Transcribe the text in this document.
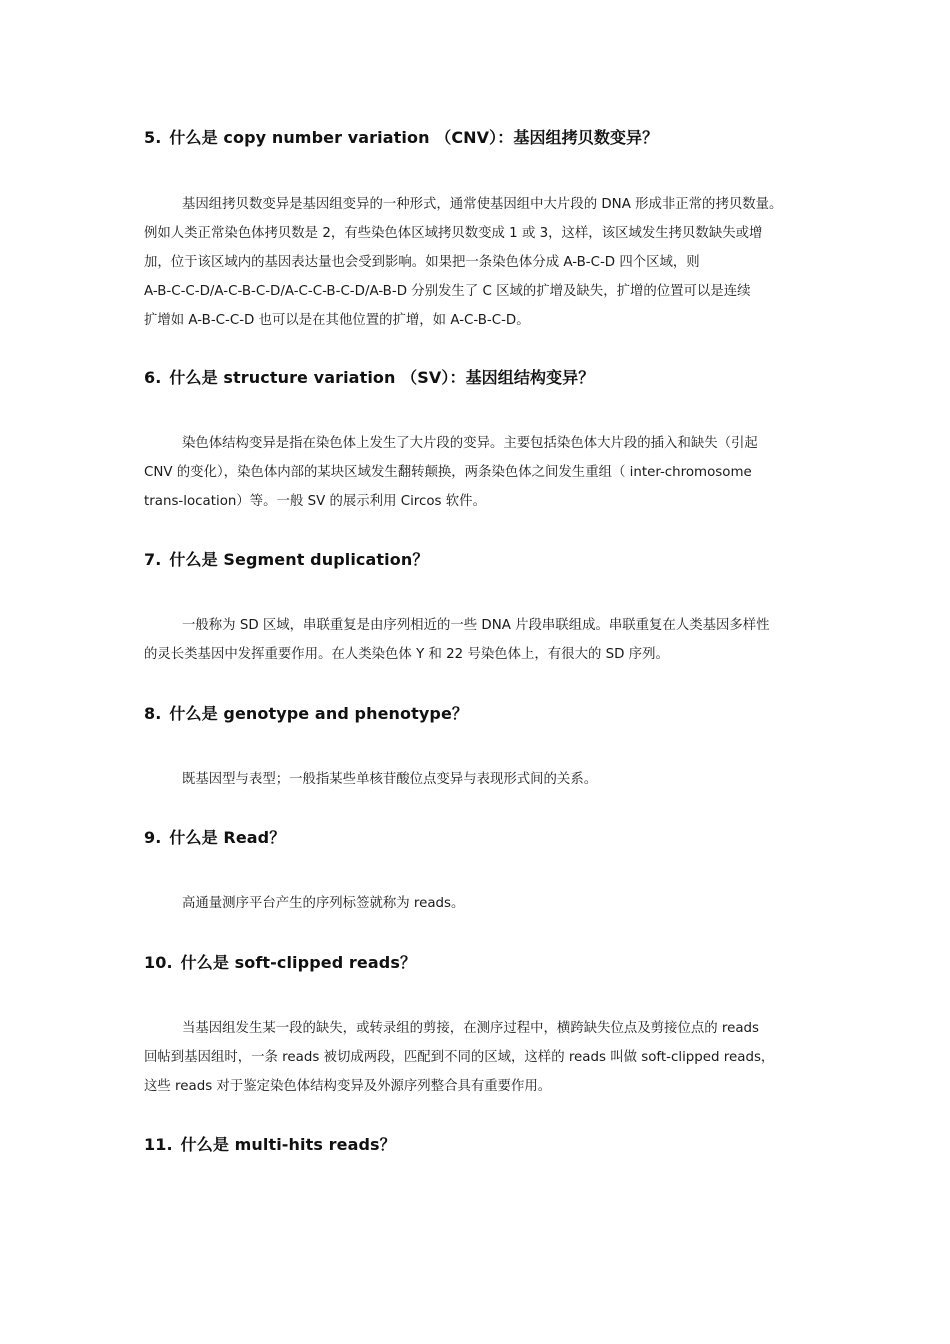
5. 什么是 copy number variation （CNV）：基因组拷贝数变异？
基因组拷贝数变异是基因组变异的一种形式，通常使基因组中大片段的 DNA 形成非正常的拷贝数量。
例如人类正常染色体拷贝数是 2，有些染色体区域拷贝数变成 1 或 3，这样，该区域发生拷贝数缺失或增
加，位于该区域内的基因表达量也会受到影响。如果把一条染色体分成 A-B-C-D 四个区域，则
A-B-C-C-D/A-C-B-C-D/A-C-C-B-C-D/A-B-D 分别发生了 C 区域的扩增及缺失，扩增的位置可以是连续
扩增如 A-B-C-C-D 也可以是在其他位置的扩增，如 A-C-B-C-D。
6. 什么是 structure variation （SV）：基因组结构变异？
染色体结构变异是指在染色体上发生了大片段的变异。主要包括染色体大片段的插入和缺失（引起
CNV 的变化），染色体内部的某块区域发生翻转颠换，两条染色体之间发生重组（ inter-chromosome
trans-location）等。一般 SV 的展示利用 Circos 软件。
7. 什么是 Segment duplication？
一般称为 SD 区域，串联重复是由序列相近的一些 DNA 片段串联组成。串联重复在人类基因多样性
的灵长类基因中发挥重要作用。在人类染色体 Y 和 22 号染色体上，有很大的 SD 序列。
8. 什么是 genotype and phenotype？
既基因型与表型；一般指某些单核苷酸位点变异与表现形式间的关系。
9. 什么是 Read？
高通量测序平台产生的序列标签就称为 reads。
10. 什么是 soft-clipped reads？
当基因组发生某一段的缺失，或转录组的剪接，在测序过程中，横跨缺失位点及剪接位点的 reads
回帖到基因组时，一条 reads 被切成两段，匹配到不同的区域，这样的 reads 叫做 soft-clipped reads，
这些 reads 对于鉴定染色体结构变异及外源序列整合具有重要作用。
11. 什么是 multi-hits reads？
